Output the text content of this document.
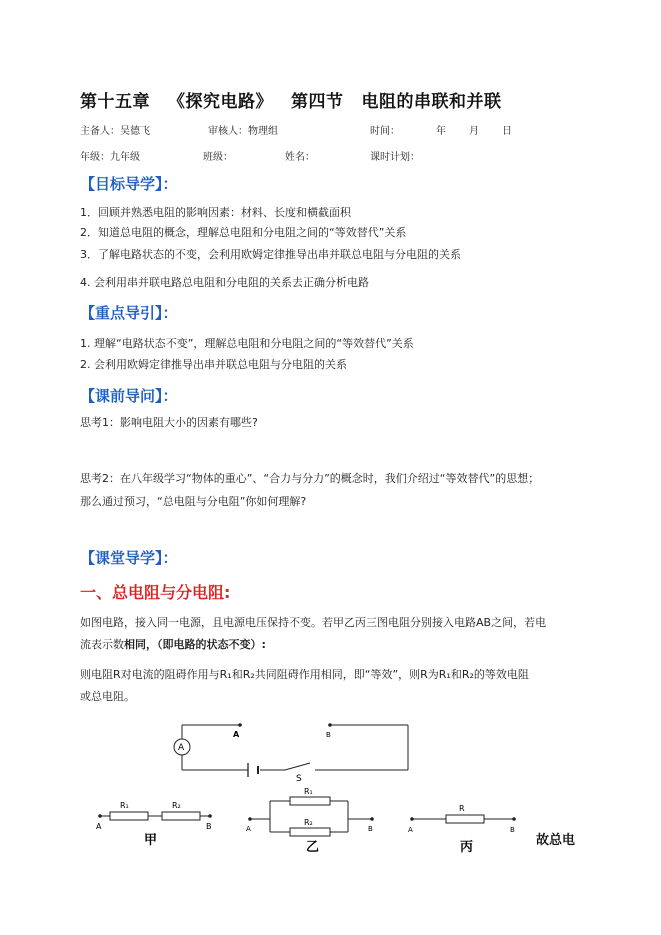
第十五章 《探究电路》 第四节 电阻的串联和并联
主备人：吴德飞	审核人：物理组	时间：	年 月 日
年级：九年级	班级：	姓名：	课时计划：
【目标导学】：
1．回顾并熟悉电阻的影响因素：材料、长度和横截面积
2．知道总电阻的概念，理解总电阻和分电阻之间的“等效替代”关系
3．了解电路状态的不变，会利用欧姆定律推导出串并联总电阻与分电阻的关系
4. 会利用串并联电路总电阻和分电阻的关系去正确分析电路
【重点导引】：
1. 理解“电路状态不变”，理解总电阻和分电阻之间的“等效替代”关系
2. 会利用欧姆定律推导出串并联总电阻与分电阻的关系
【课前导问】：
思考1：影响电阻大小的因素有哪些?
思考2：在八年级学习“物体的重心”、“合力与分力”的概念时，我们介绍过“等效替代”的思想；
那么通过预习，“总电阻与分电阻”你如何理解?
【课堂导学】：
一、总电阻与分电阻:
如图电路，接入同一电源，且电源电压保持不变。若甲乙丙三图电阻分别接入电路AB之间，若电
流表示数相同，（即电路的状态不变）:
则电阻R对电流的阻碍作用与R₁和R₂共同阻碍作用相同，即“等效”，则R为R₁和R₂的等效电阻
或总电阻。
A
A	B
S
R₁	R₂
A	B
甲
R₁
R₂
A	B
乙
R
A	B
丙	故总电
